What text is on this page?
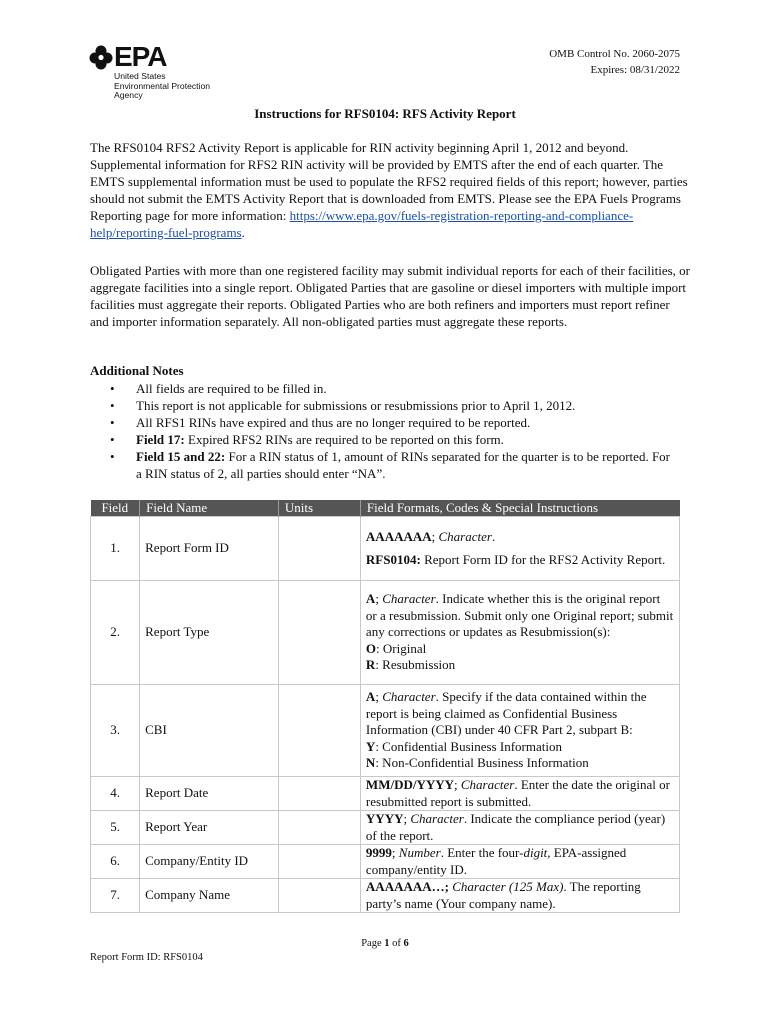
EPA
United States
Environmental Protection
Agency
OMB Control No. 2060-2075
Expires: 08/31/2022
Instructions for RFS0104: RFS Activity Report

The RFS0104 RFS2 Activity Report is applicable for RIN activity beginning April 1, 2012 and beyond. Supplemental information for RFS2 RIN activity will be provided by EMTS after the end of each quarter. The EMTS supplemental information must be used to populate the RFS2 required fields of this report; however, parties should not submit the EMTS Activity Report that is downloaded from EMTS. Please see the EPA Fuels Programs Reporting page for more information: https://www.epa.gov/fuels-registration-reporting-and-compliance-help/reporting-fuel-programs.

Obligated Parties with more than one registered facility may submit individual reports for each of their facilities, or aggregate facilities into a single report. Obligated Parties that are gasoline or diesel importers with multiple import facilities must aggregate their reports. Obligated Parties who are both refiners and importers must report refiner and importer information separately. All non-obligated parties must aggregate these reports.

Additional Notes
• All fields are required to be filled in.
• This report is not applicable for submissions or resubmissions prior to April 1, 2012.
• All RFS1 RINs have expired and thus are no longer required to be reported.
• Field 17: Expired RFS2 RINs are required to be reported on this form.
• Field 15 and 22: For a RIN status of 1, amount of RINs separated for the quarter is to be reported. For a RIN status of 2, all parties should enter “NA”.
Field	Field Name	Units	Field Formats, Codes & Special Instructions
1.	Report Form ID		AAAAAAA; Character.
RFS0104: Report Form ID for the RFS2 Activity Report.

2.	Report Type		A; Character. Indicate whether this is the original report or a resubmission. Submit only one Original report; submit any corrections or updates as Resubmission(s):
O: Original
R: Resubmission

3.	CBI		A; Character. Specify if the data contained within the report is being claimed as Confidential Business Information (CBI) under 40 CFR Part 2, subpart B:
Y: Confidential Business Information
N: Non-Confidential Business Information

4.	Report Date		MM/DD/YYYY; Character. Enter the date the original or resubmitted report is submitted.

5.	Report Year		YYYY; Character. Indicate the compliance period (year) of the report.

6.	Company/Entity ID		9999; Number. Enter the four-digit, EPA-assigned company/entity ID.

7.	Company Name		AAAAAAA…; Character (125 Max). The reporting party’s name (Your company name).
Page 1 of 6
Report Form ID: RFS0104
